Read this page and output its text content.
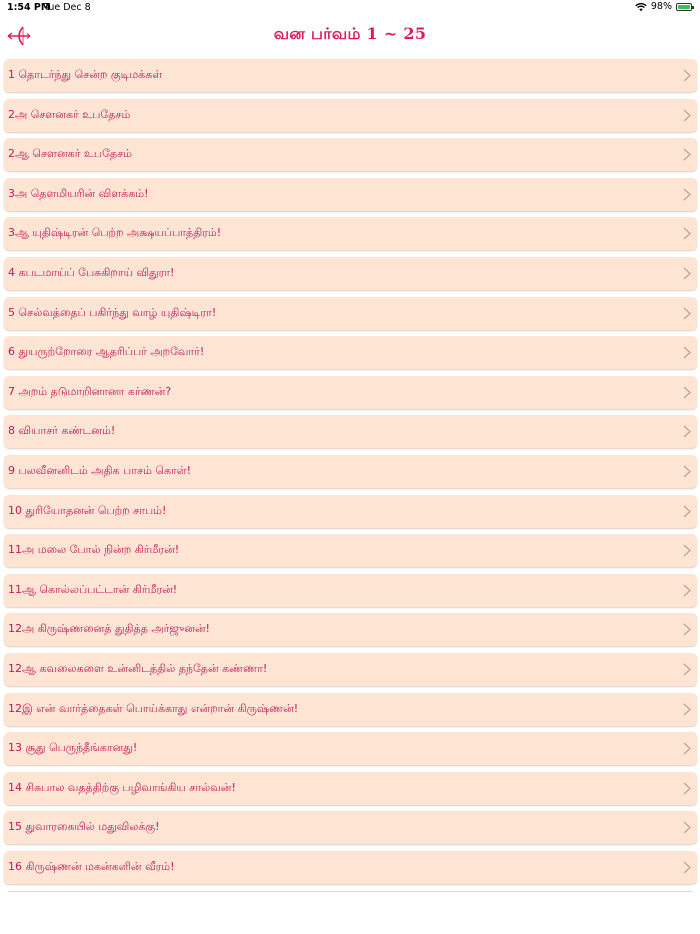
1:54 PM
Tue Dec 8	98%
வன பர்வம் 1 ~ 25
1 தொடர்ந்து சென்ற குடிமக்கள்
2அ சௌனகர் உபதேசம்
2ஆ சௌனகர் உபதேசம்
3அ தௌமியரின் விளக்கம்!
3ஆ யுதிஷ்டிரன் பெற்ற அக்ஷயப்பாத்திரம்!
4 கபடமாய்ப் பேசுகிறாய் விதுரா!
5 செல்வத்தைப் பகிர்ந்து வாழ் யுதிஷ்டிரா!
6 துயருற்றோரை ஆதரிப்பர் அறவோர்!
7 அறம் தடுமாறினானா கர்ணன்?
8 வியாசர் கண்டனம்!
9 பலவீனனிடம் அதிக பாசம் கொள்!
10 துரியோதனன் பெற்ற சாபம்!
11அ மலை போல் நின்ற கிர்மீரன்!
11ஆ கொல்லப்பட்டான் கிர்மீரன்!
12அ கிருஷ்ணனைத் துதித்த அர்ஜுனன்!
12ஆ கவலைகளை உன்னிடத்தில் தந்தேன் கண்ணா!
12இ என் வார்த்தைகள் பொய்க்காது என்றான் கிருஷ்ணன்!
13 சூது பெருந்தீங்கானது!
14 சிசுபால வதத்திற்கு பழிவாங்கிய சால்வன்!
15 துவாரகையில் மதுவிலக்கு!
16 கிருஷ்ணன் மகன்களின் வீரம்!
